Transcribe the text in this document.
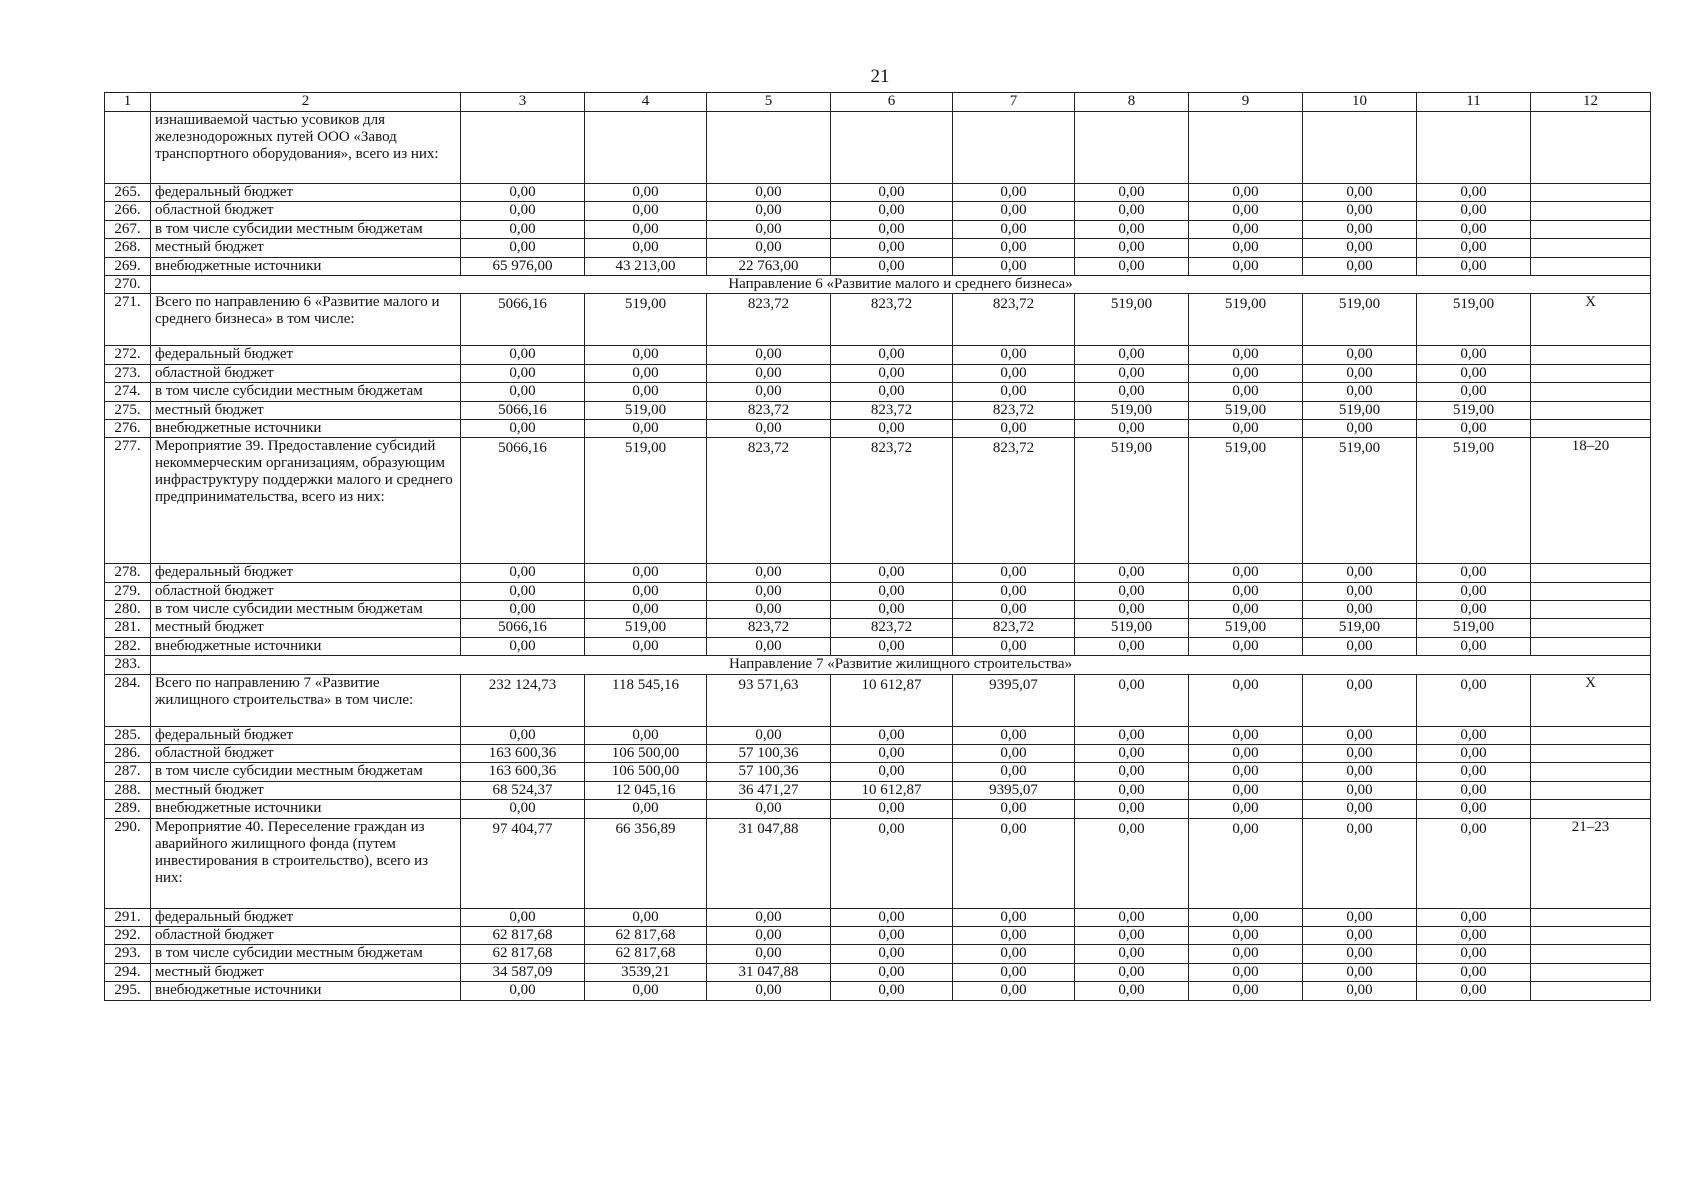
21
1	2	3	4	5	6	7	8	9	10	11	12
	изнашиваемой частью усовиков для железнодорожных путей ООО «Завод транспортного оборудования», всего из них:										
265.	федеральный бюджет	0,00	0,00	0,00	0,00	0,00	0,00	0,00	0,00	0,00	
266.	областной бюджет	0,00	0,00	0,00	0,00	0,00	0,00	0,00	0,00	0,00	
267.	в том числе субсидии местным бюджетам	0,00	0,00	0,00	0,00	0,00	0,00	0,00	0,00	0,00	
268.	местный бюджет	0,00	0,00	0,00	0,00	0,00	0,00	0,00	0,00	0,00	
269.	внебюджетные источники	65 976,00	43 213,00	22 763,00	0,00	0,00	0,00	0,00	0,00	0,00	
270.	Направление 6 «Развитие малого и среднего бизнеса»										
271.	Всего по направлению 6 «Развитие малого и среднего бизнеса» в том числе:	5066,16	519,00	823,72	823,72	823,72	519,00	519,00	519,00	519,00	X
272.	федеральный бюджет	0,00	0,00	0,00	0,00	0,00	0,00	0,00	0,00	0,00	
273.	областной бюджет	0,00	0,00	0,00	0,00	0,00	0,00	0,00	0,00	0,00	
274.	в том числе субсидии местным бюджетам	0,00	0,00	0,00	0,00	0,00	0,00	0,00	0,00	0,00	
275.	местный бюджет	5066,16	519,00	823,72	823,72	823,72	519,00	519,00	519,00	519,00	
276.	внебюджетные источники	0,00	0,00	0,00	0,00	0,00	0,00	0,00	0,00	0,00	
277.	Мероприятие 39. Предоставление субсидий некоммерческим организациям, образующим инфраструктуру поддержки малого и среднего предпринимательства, всего из них:	5066,16	519,00	823,72	823,72	823,72	519,00	519,00	519,00	519,00	18–20
278.	федеральный бюджет	0,00	0,00	0,00	0,00	0,00	0,00	0,00	0,00	0,00	
279.	областной бюджет	0,00	0,00	0,00	0,00	0,00	0,00	0,00	0,00	0,00	
280.	в том числе субсидии местным бюджетам	0,00	0,00	0,00	0,00	0,00	0,00	0,00	0,00	0,00	
281.	местный бюджет	5066,16	519,00	823,72	823,72	823,72	519,00	519,00	519,00	519,00	
282.	внебюджетные источники	0,00	0,00	0,00	0,00	0,00	0,00	0,00	0,00	0,00	
283.	Направление 7 «Развитие жилищного строительства»										
284.	Всего по направлению 7 «Развитие жилищного строительства» в том числе:	232 124,73	118 545,16	93 571,63	10 612,87	9395,07	0,00	0,00	0,00	0,00	X
285.	федеральный бюджет	0,00	0,00	0,00	0,00	0,00	0,00	0,00	0,00	0,00	
286.	областной бюджет	163 600,36	106 500,00	57 100,36	0,00	0,00	0,00	0,00	0,00	0,00	
287.	в том числе субсидии местным бюджетам	163 600,36	106 500,00	57 100,36	0,00	0,00	0,00	0,00	0,00	0,00	
288.	местный бюджет	68 524,37	12 045,16	36 471,27	10 612,87	9395,07	0,00	0,00	0,00	0,00	
289.	внебюджетные источники	0,00	0,00	0,00	0,00	0,00	0,00	0,00	0,00	0,00	
290.	Мероприятие 40. Переселение граждан из аварийного жилищного фонда (путем инвестирования в строительство), всего из них:	97 404,77	66 356,89	31 047,88	0,00	0,00	0,00	0,00	0,00	0,00	21–23
291.	федеральный бюджет	0,00	0,00	0,00	0,00	0,00	0,00	0,00	0,00	0,00	
292.	областной бюджет	62 817,68	62 817,68	0,00	0,00	0,00	0,00	0,00	0,00	0,00	
293.	в том числе субсидии местным бюджетам	62 817,68	62 817,68	0,00	0,00	0,00	0,00	0,00	0,00	0,00	
294.	местный бюджет	34 587,09	3539,21	31 047,88	0,00	0,00	0,00	0,00	0,00	0,00	
295.	внебюджетные источники	0,00	0,00	0,00	0,00	0,00	0,00	0,00	0,00	0,00	
